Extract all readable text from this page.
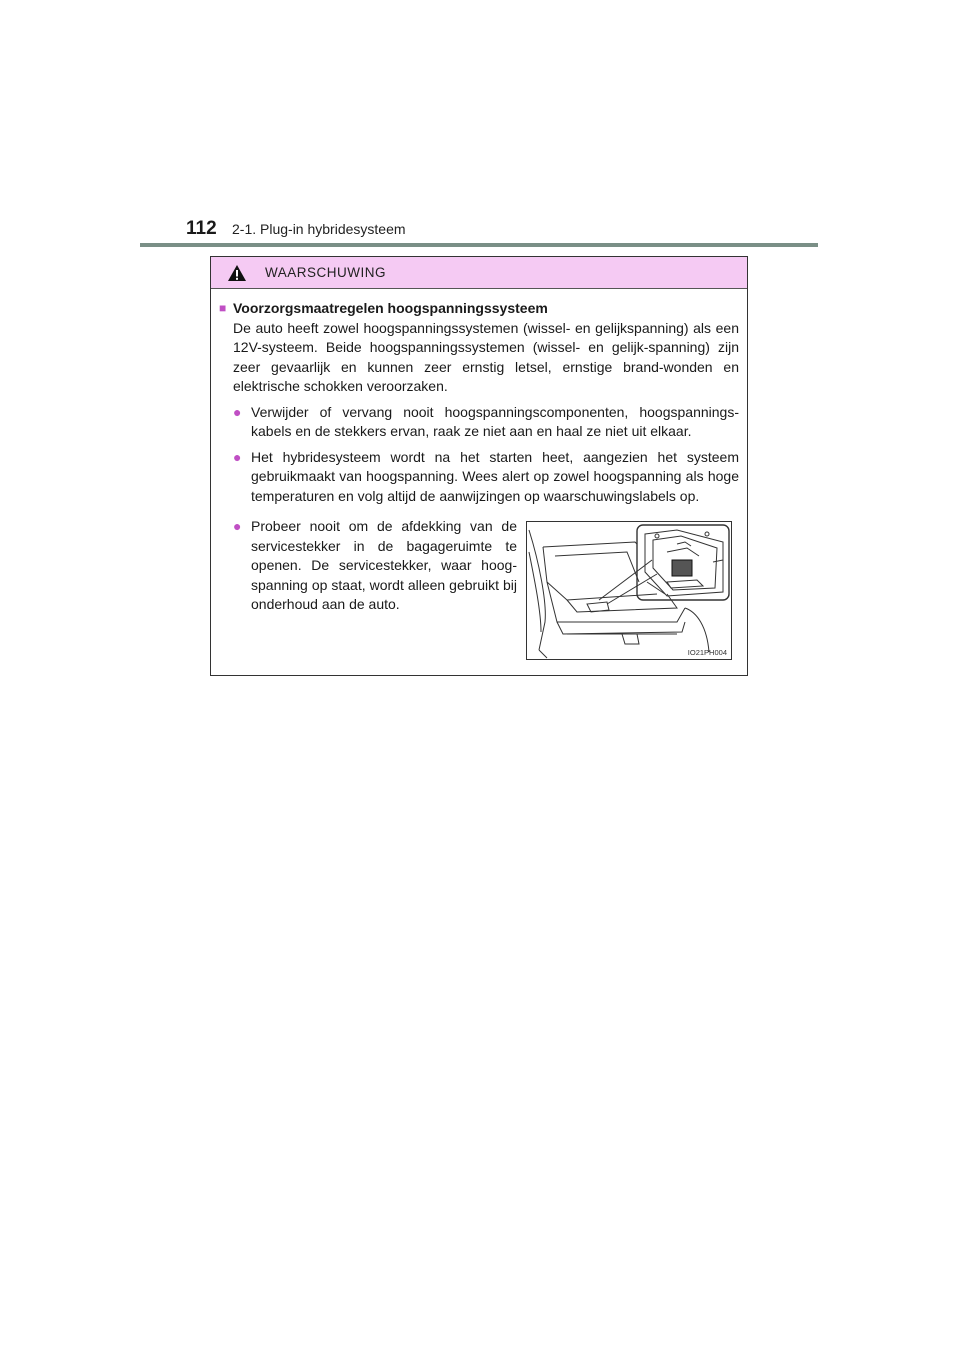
112	2-1. Plug-in hybridesysteem
WAARSCHUWING
■ Voorzorgsmaatregelen hoogspanningssysteem
De auto heeft zowel hoogspanningssystemen (wissel- en gelijkspanning) als een 12V-systeem. Beide hoogspanningssystemen (wissel- en gelijk-spanning) zijn zeer gevaarlijk en kunnen zeer ernstig letsel, ernstige brand-wonden en elektrische schokken veroorzaken.
● Verwijder of vervang nooit hoogspanningscomponenten, hoogspannings-kabels en de stekkers ervan, raak ze niet aan en haal ze niet uit elkaar.
● Het hybridesysteem wordt na het starten heet, aangezien het systeem gebruikmaakt van hoogspanning. Wees alert op zowel hoogspanning als hoge temperaturen en volg altijd de aanwijzingen op waarschuwingslabels op.
● Probeer nooit om de afdekking van de servicestekker in de bagageruimte te openen. De servicestekker, waar hoog-spanning op staat, wordt alleen gebruikt bij onderhoud aan de auto.
IO21PH004
